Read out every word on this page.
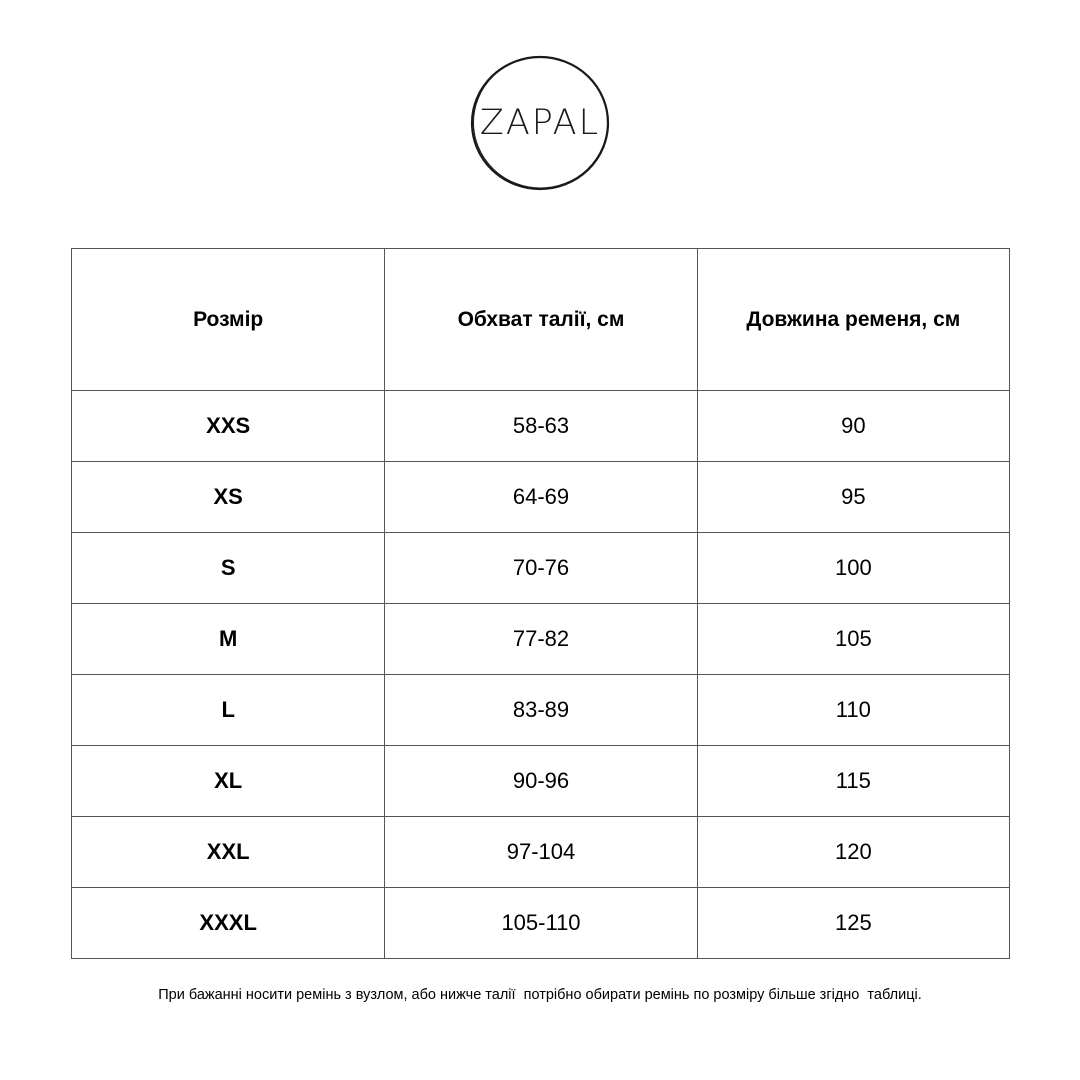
ZAPAL
Розмір	Обхват талії, см	Довжина ременя, см
XXS	58-63	90
XS	64-69	95
S	70-76	100
M	77-82	105
L	83-89	110
XL	90-96	115
XXL	97-104	120
XXXL	105-110	125
При бажанні носити ремінь з вузлом, або нижче талії  потрібно обирати ремінь по розміру більше згідно  таблиці.
